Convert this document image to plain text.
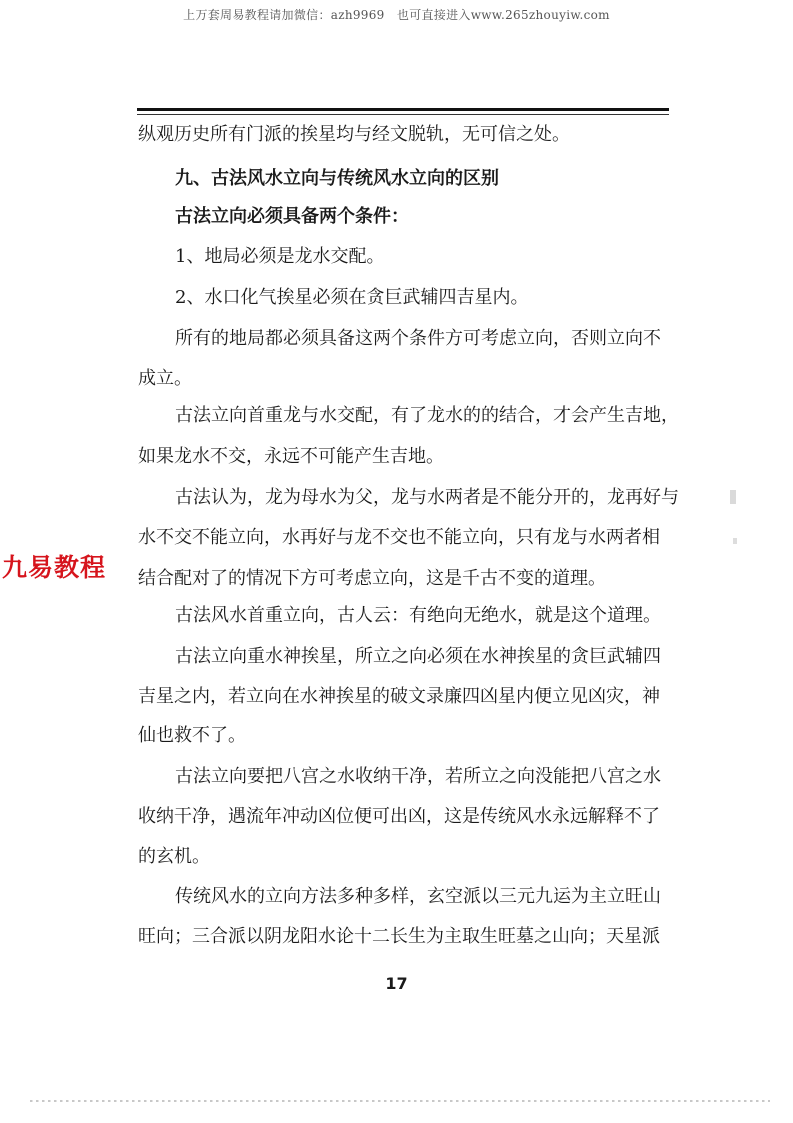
上万套周易教程请加微信：azh9969　也可直接进入www.265zhouyiw.com
纵观历史所有门派的挨星均与经文脱轨，无可信之处。
九、古法风水立向与传统风水立向的区别
古法立向必须具备两个条件：
1、地局必须是龙水交配。
2、水口化气挨星必须在贪巨武辅四吉星内。
所有的地局都必须具备这两个条件方可考虑立向，否则立向不
成立。
古法立向首重龙与水交配，有了龙水的的结合，才会产生吉地，
如果龙水不交，永远不可能产生吉地。
古法认为，龙为母水为父，龙与水两者是不能分开的，龙再好与
水不交不能立向，水再好与龙不交也不能立向，只有龙与水两者相
结合配对了的情况下方可考虑立向，这是千古不变的道理。
古法风水首重立向，古人云：有绝向无绝水，就是这个道理。
古法立向重水神挨星，所立之向必须在水神挨星的贪巨武辅四
吉星之内，若立向在水神挨星的破文录廉四凶星内便立见凶灾，神
仙也救不了。
古法立向要把八宫之水收纳干净，若所立之向没能把八宫之水
收纳干净，遇流年冲动凶位便可出凶，这是传统风水永远解释不了
的玄机。
传统风水的立向方法多种多样，玄空派以三元九运为主立旺山
旺向；三合派以阴龙阳水论十二长生为主取生旺墓之山向；天星派
九易教程
17
